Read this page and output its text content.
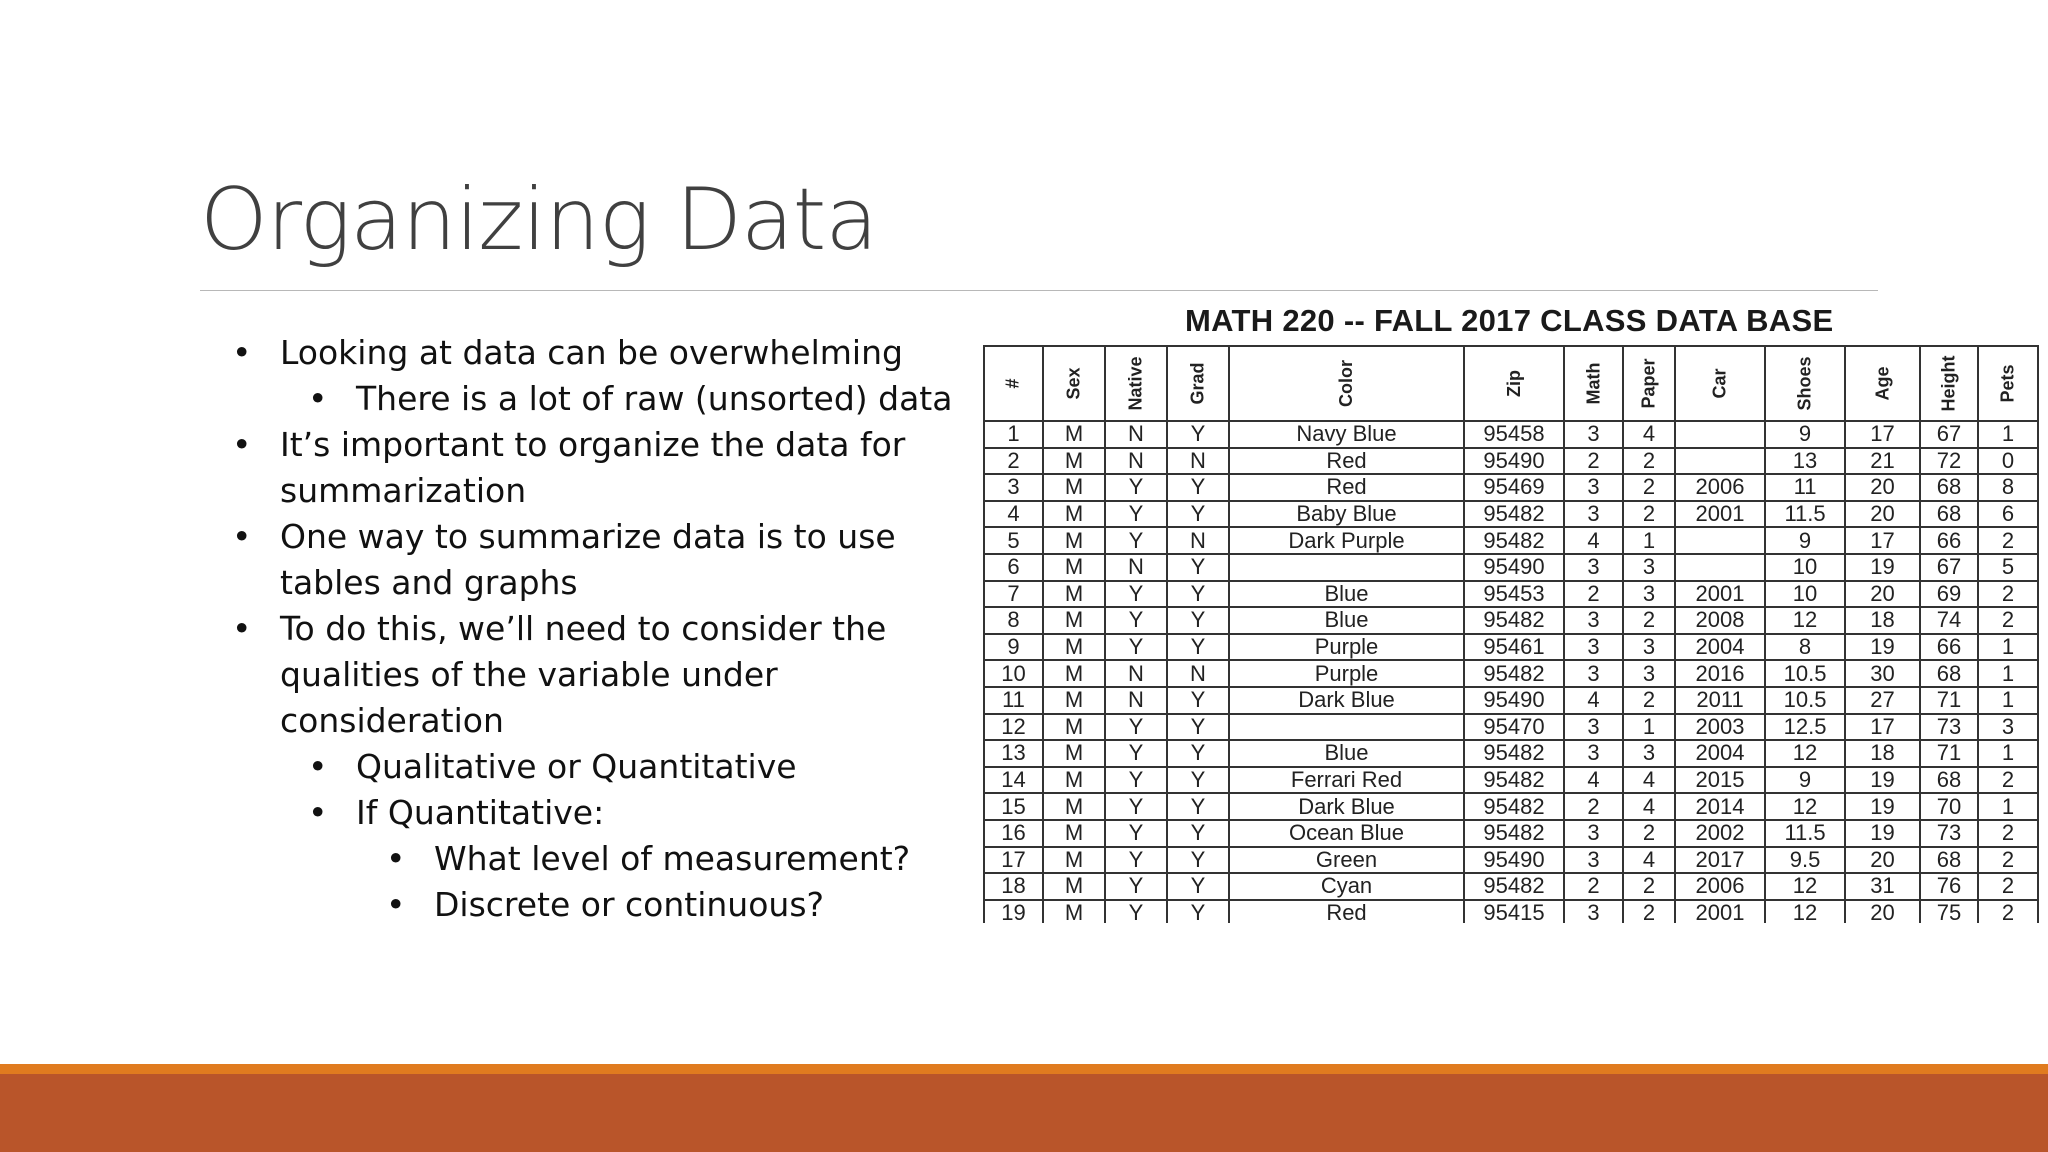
Organizing Data
• Looking at data can be overwhelming
• There is a lot of raw (unsorted) data
• It’s important to organize the data for summarization
• One way to summarize data is to use tables and graphs
• To do this, we’ll need to consider the qualities of the variable under consideration
• Qualitative or Quantitative
• If Quantitative:
• What level of measurement?
• Discrete or continuous?
MATH 220 -- FALL 2017 CLASS DATA BASE
#	Sex	Native	Grad	Color	Zip	Math	Paper	Car	Shoes	Age	Height	Pets
1	M	N	Y	Navy Blue	95458	3	4		9	17	67	1
2	M	N	N	Red	95490	2	2		13	21	72	0
3	M	Y	Y	Red	95469	3	2	2006	11	20	68	8
4	M	Y	Y	Baby Blue	95482	3	2	2001	11.5	20	68	6
5	M	Y	N	Dark Purple	95482	4	1		9	17	66	2
6	M	N	Y		95490	3	3		10	19	67	5
7	M	Y	Y	Blue	95453	2	3	2001	10	20	69	2
8	M	Y	Y	Blue	95482	3	2	2008	12	18	74	2
9	M	Y	Y	Purple	95461	3	3	2004	8	19	66	1
10	M	N	N	Purple	95482	3	3	2016	10.5	30	68	1
11	M	N	Y	Dark Blue	95490	4	2	2011	10.5	27	71	1
12	M	Y	Y		95470	3	1	2003	12.5	17	73	3
13	M	Y	Y	Blue	95482	3	3	2004	12	18	71	1
14	M	Y	Y	Ferrari Red	95482	4	4	2015	9	19	68	2
15	M	Y	Y	Dark Blue	95482	2	4	2014	12	19	70	1
16	M	Y	Y	Ocean Blue	95482	3	2	2002	11.5	19	73	2
17	M	Y	Y	Green	95490	3	4	2017	9.5	20	68	2
18	M	Y	Y	Cyan	95482	2	2	2006	12	31	76	2
19	M	Y	Y	Red	95415	3	2	2001	12	20	75	2
